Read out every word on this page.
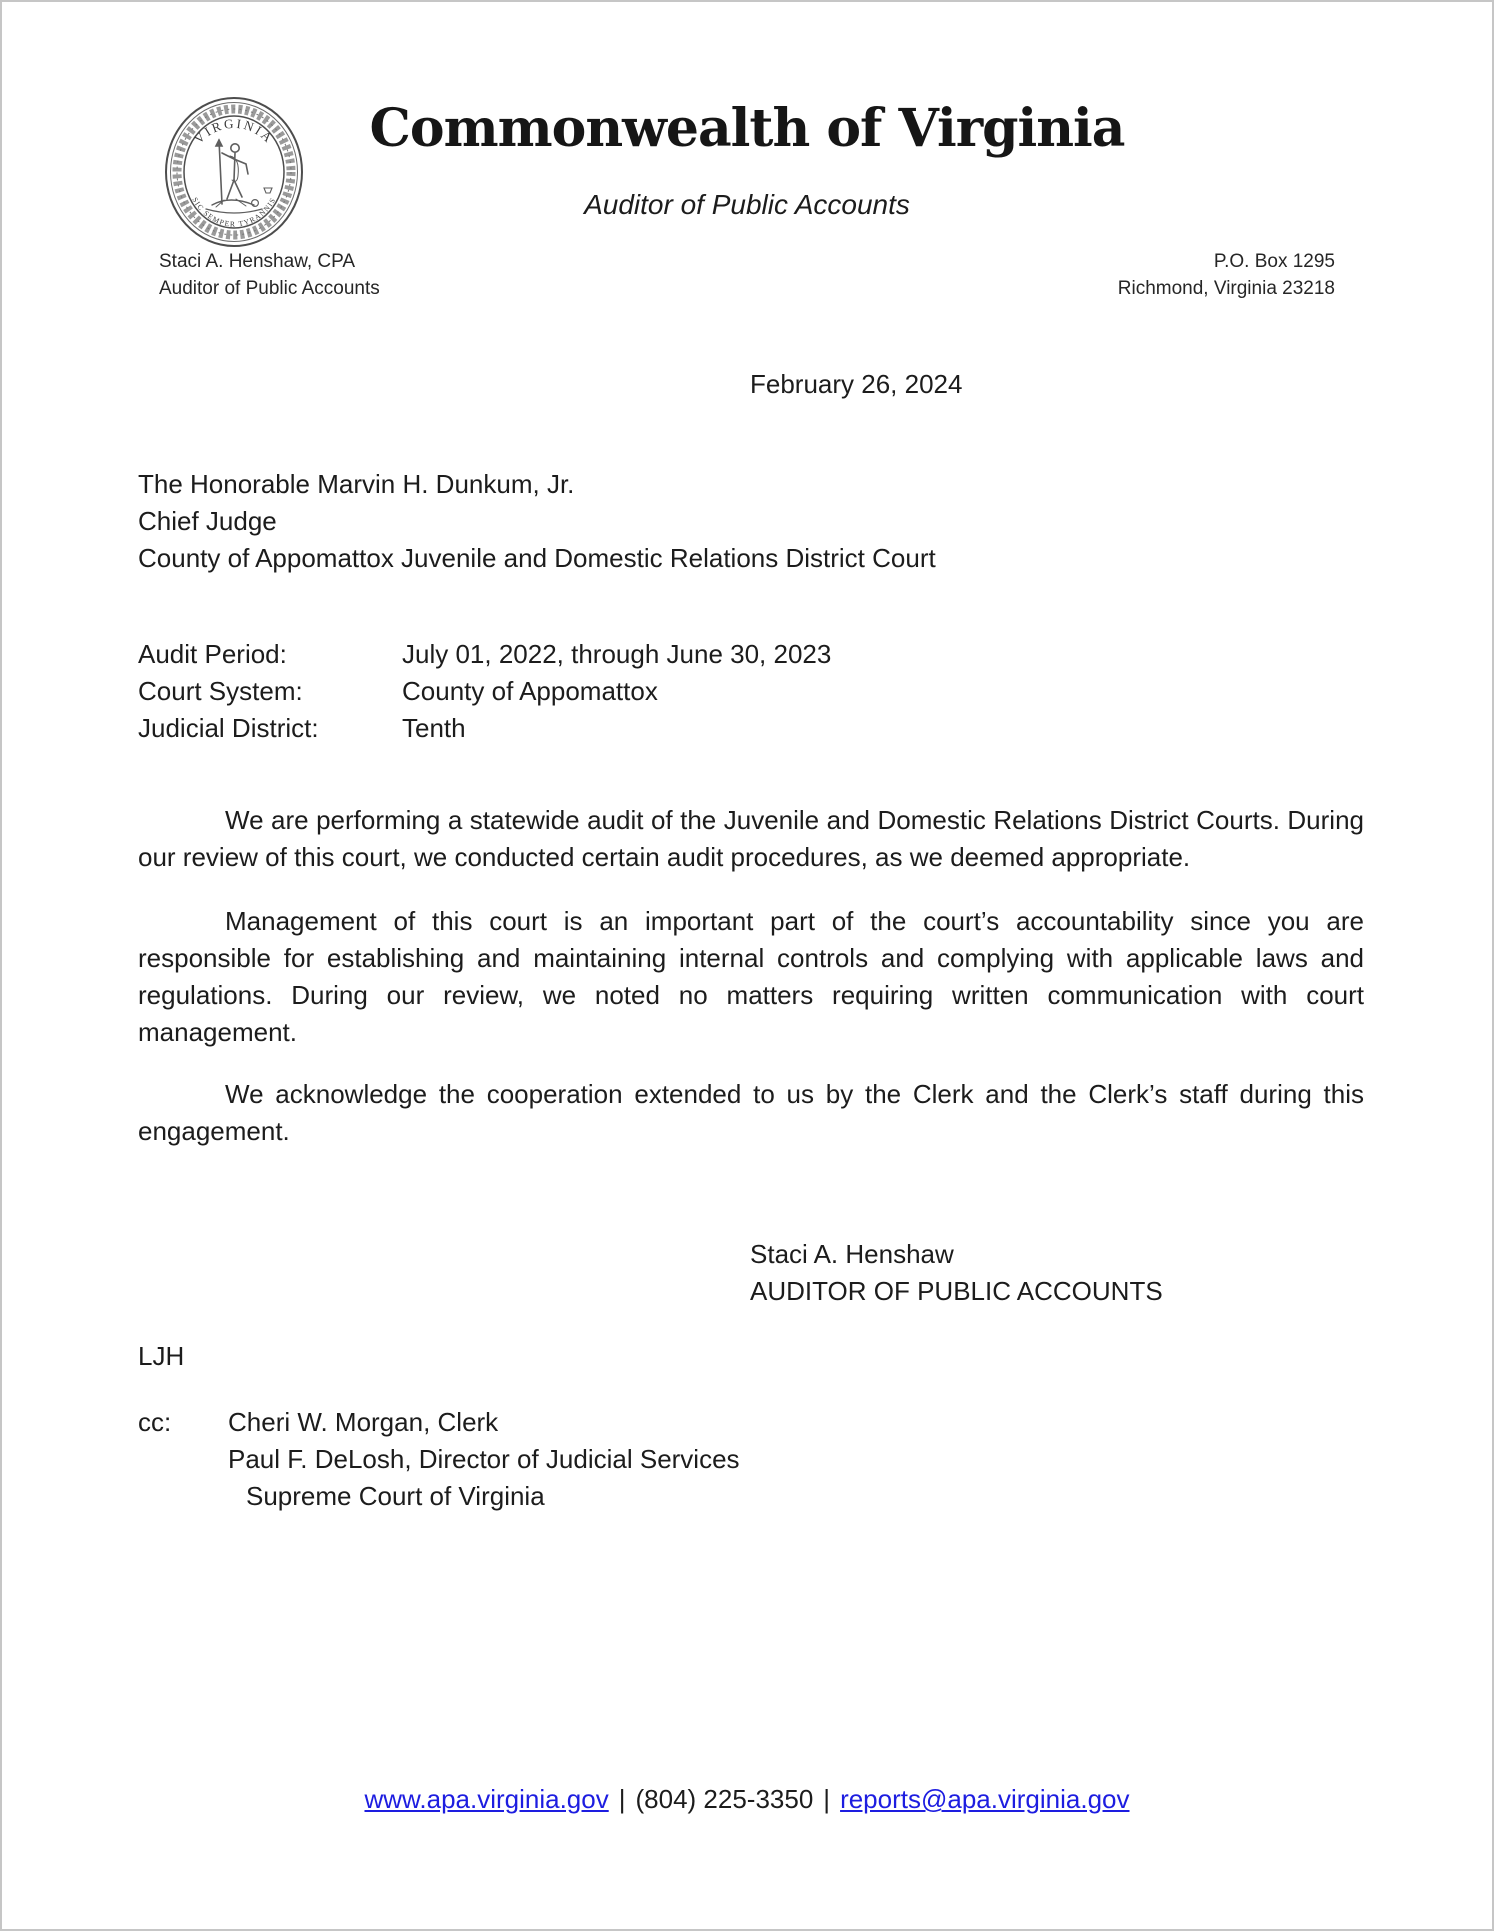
VIRGINIA
SIC SEMPER TYRANNIS
Commonwealth of Virginia
Auditor of Public Accounts
Staci A. Henshaw, CPA
Auditor of Public Accounts
P.O. Box 1295
Richmond, Virginia 23218
February 26, 2024
The Honorable Marvin H. Dunkum, Jr.
Chief Judge
County of Appomattox Juvenile and Domestic Relations District Court
Audit Period:	July 01, 2022, through June 30, 2023
Court System:	County of Appomattox
Judicial District:	Tenth

We are performing a statewide audit of the Juvenile and Domestic Relations District Courts. During our review of this court, we conducted certain audit procedures, as we deemed appropriate.

Management of this court is an important part of the court’s accountability since you are responsible for establishing and maintaining internal controls and complying with applicable laws and regulations. During our review, we noted no matters requiring written communication with court management.

We acknowledge the cooperation extended to us by the Clerk and the Clerk’s staff during this engagement.

Staci A. Henshaw
AUDITOR OF PUBLIC ACCOUNTS
LJH
cc:	Cheri W. Morgan, Clerk
Paul F. DeLosh, Director of Judicial Services
Supreme Court of Virginia
www.apa.virginia.gov | (804) 225-3350 | reports@apa.virginia.gov
